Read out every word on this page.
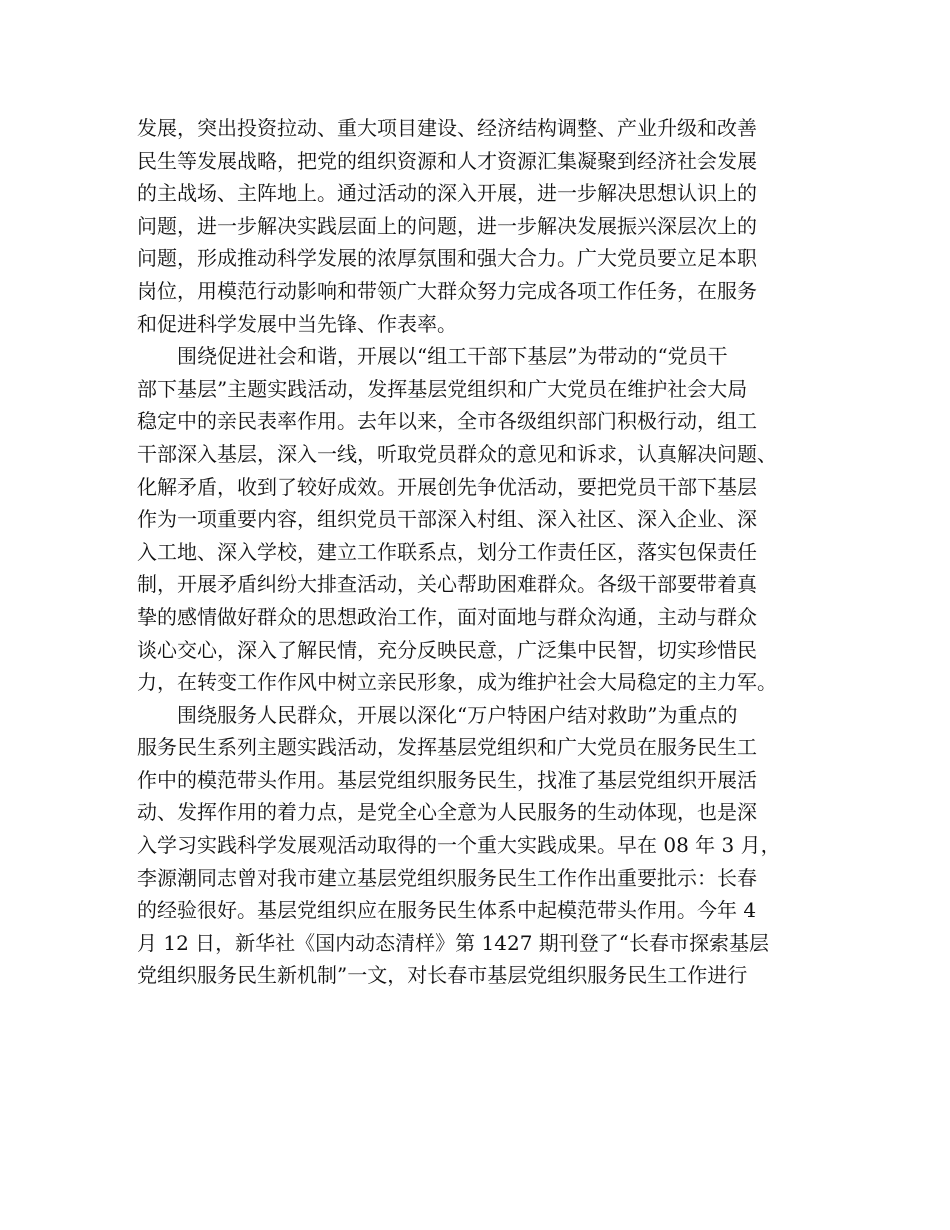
发展，突出投资拉动、重大项目建设、经济结构调整、产业升级和改善
民生等发展战略，把党的组织资源和人才资源汇集凝聚到经济社会发展
的主战场、主阵地上。通过活动的深入开展，进一步解决思想认识上的
问题，进一步解决实践层面上的问题，进一步解决发展振兴深层次上的
问题，形成推动科学发展的浓厚氛围和强大合力。广大党员要立足本职
岗位，用模范行动影响和带领广大群众努力完成各项工作任务，在服务
和促进科学发展中当先锋、作表率。
　　围绕促进社会和谐，开展以“组工干部下基层”为带动的“党员干
部下基层”主题实践活动，发挥基层党组织和广大党员在维护社会大局
稳定中的亲民表率作用。去年以来，全市各级组织部门积极行动，组工
干部深入基层，深入一线，听取党员群众的意见和诉求，认真解决问题、
化解矛盾，收到了较好成效。开展创先争优活动，要把党员干部下基层
作为一项重要内容，组织党员干部深入村组、深入社区、深入企业、深
入工地、深入学校，建立工作联系点，划分工作责任区，落实包保责任
制，开展矛盾纠纷大排查活动，关心帮助困难群众。各级干部要带着真
挚的感情做好群众的思想政治工作，面对面地与群众沟通，主动与群众
谈心交心，深入了解民情，充分反映民意，广泛集中民智，切实珍惜民
力，在转变工作作风中树立亲民形象，成为维护社会大局稳定的主力军。
　　围绕服务人民群众，开展以深化“万户特困户结对救助”为重点的
服务民生系列主题实践活动，发挥基层党组织和广大党员在服务民生工
作中的模范带头作用。基层党组织服务民生，找准了基层党组织开展活
动、发挥作用的着力点，是党全心全意为人民服务的生动体现，也是深
入学习实践科学发展观活动取得的一个重大实践成果。早在 08 年 3 月，
李源潮同志曾对我市建立基层党组织服务民生工作作出重要批示：长春
的经验很好。基层党组织应在服务民生体系中起模范带头作用。今年 4
月 12 日，新华社《国内动态清样》第 1427 期刊登了“长春市探索基层
党组织服务民生新机制”一文，对长春市基层党组织服务民生工作进行
